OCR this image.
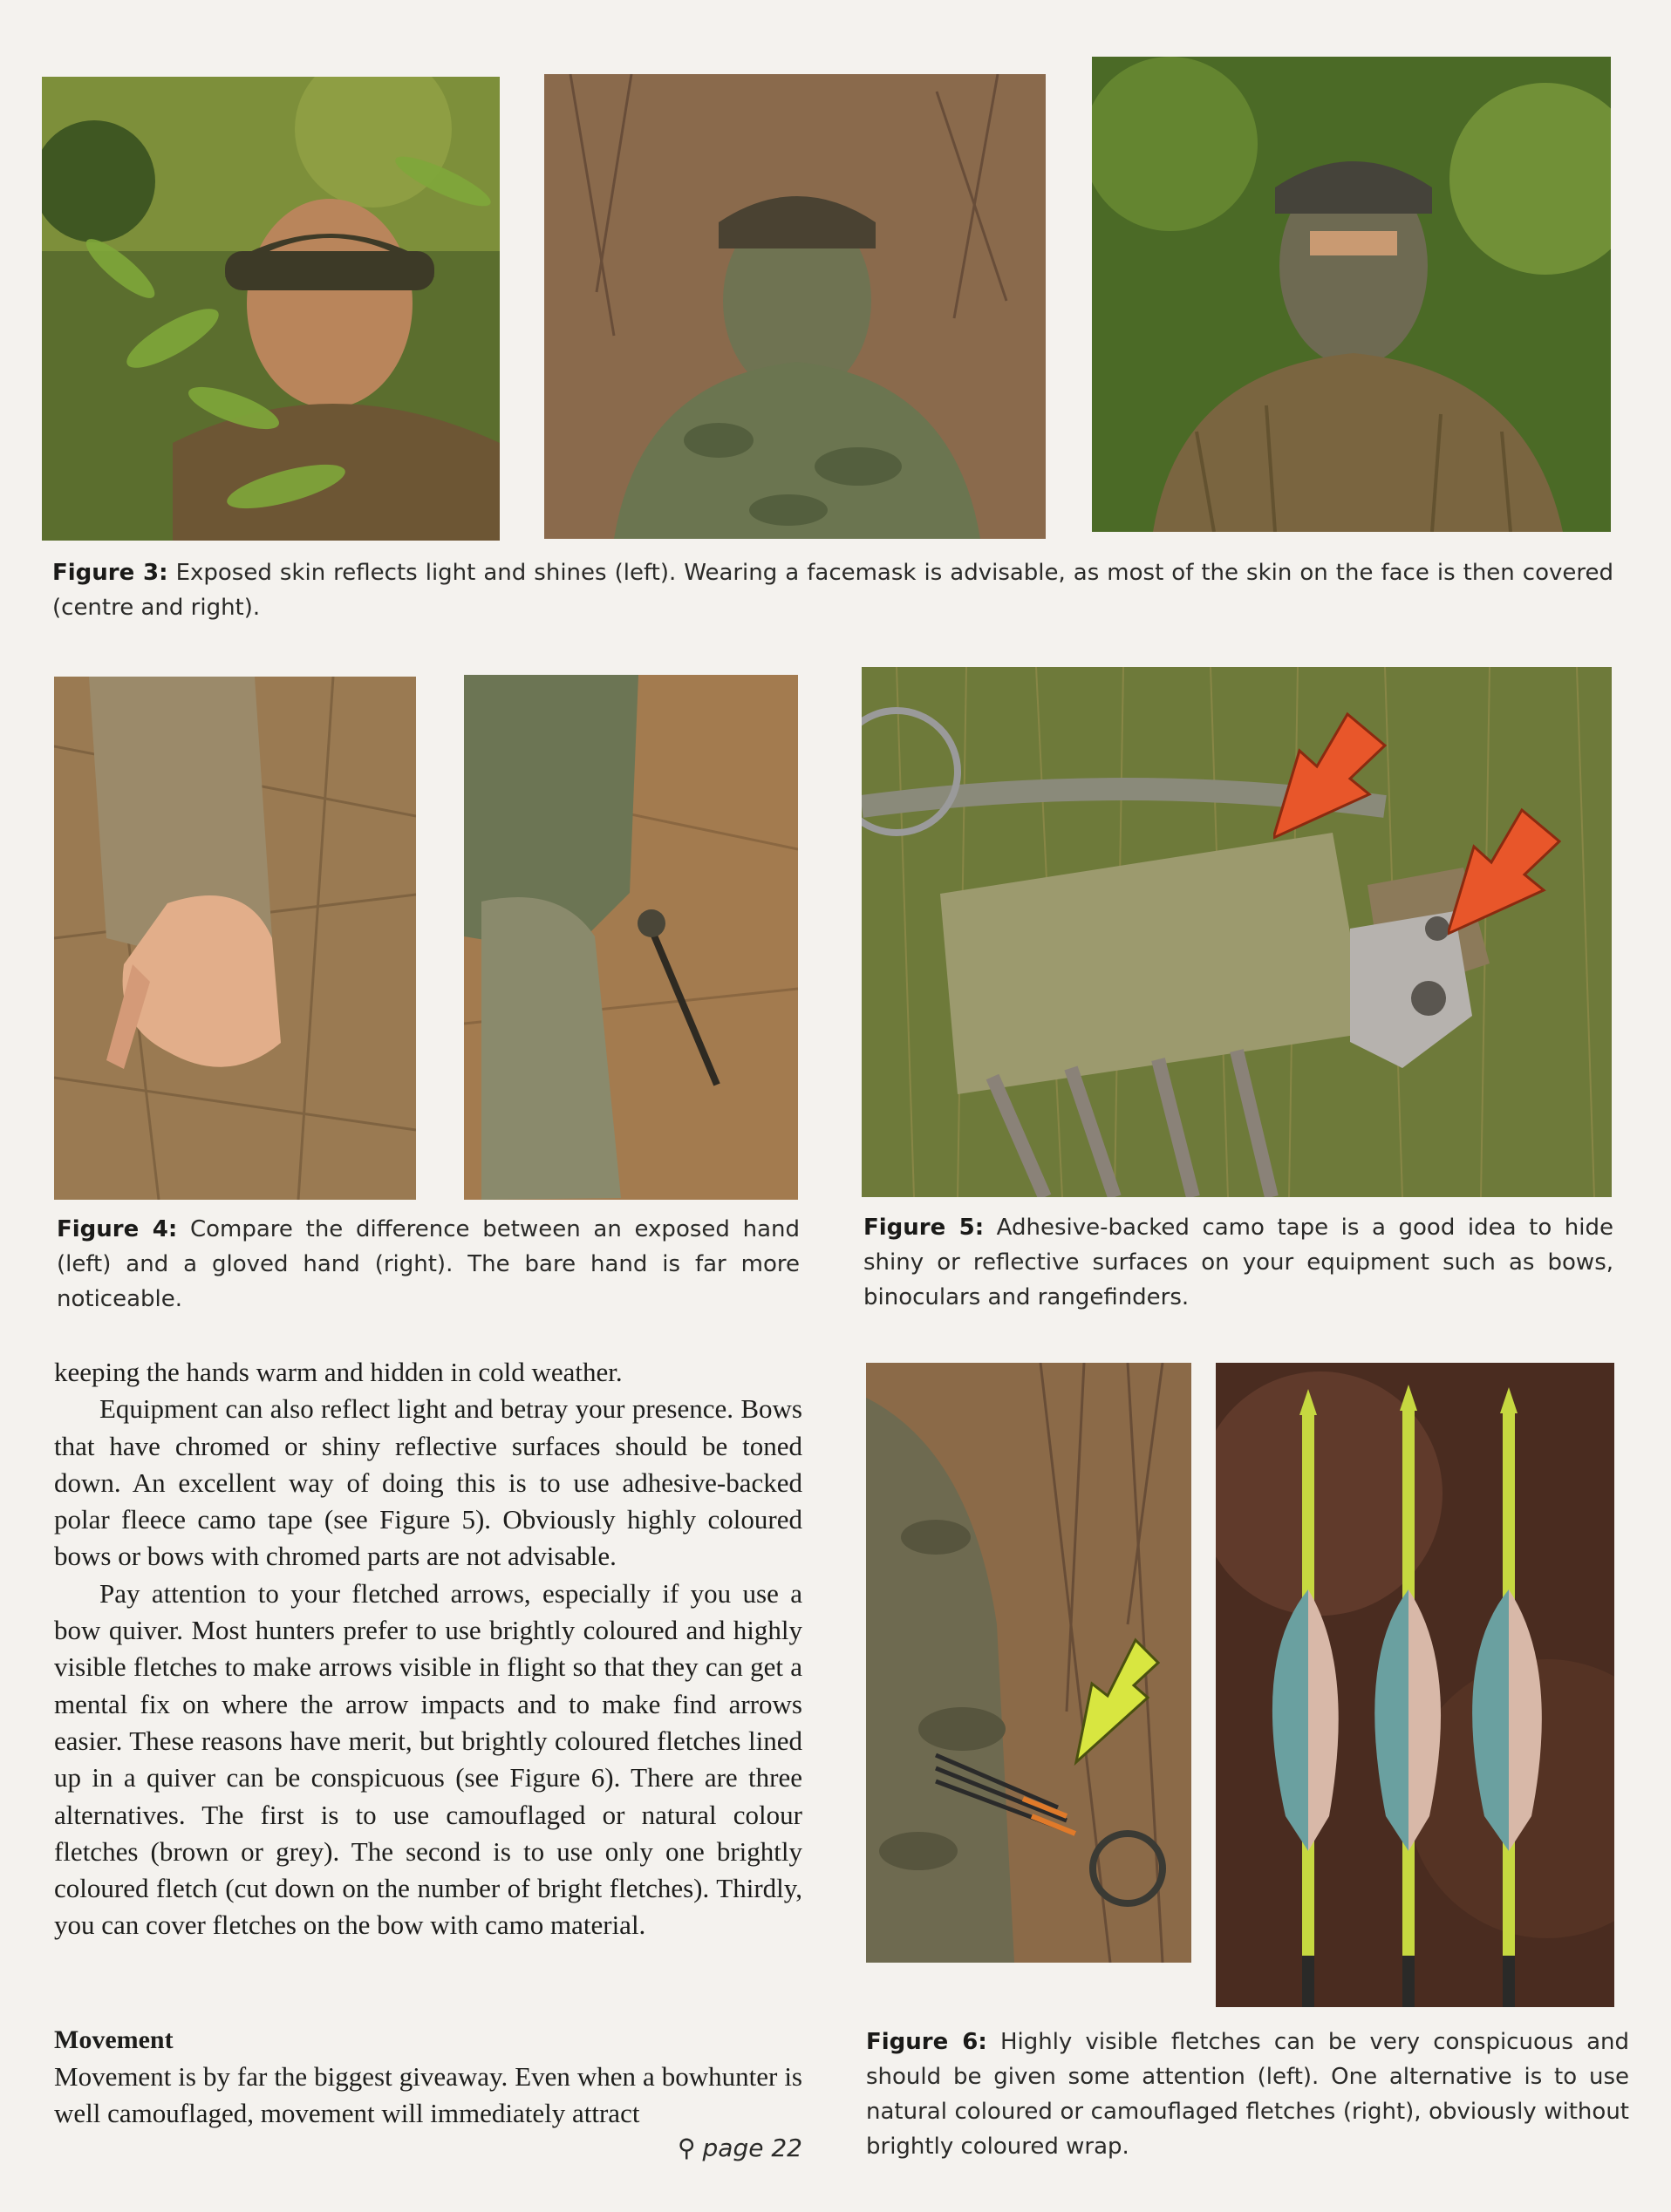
Figure 3: Exposed skin reflects light and shines (left). Wearing a facemask is advisable, as most of the skin on the face is then covered (centre and right).

Figure 4: Compare the difference between an exposed hand (left) and a gloved hand (right). The bare hand is far more noticeable.

Figure 5: Adhesive-backed camo tape is a good idea to hide shiny or reflective surfaces on your equipment such as bows, binoculars and rangefinders.

keeping the hands warm and hidden in cold weather.

Equipment can also reflect light and betray your presence. Bows that have chromed or shiny reflective surfaces should be toned down. An excellent way of doing this is to use adhesive-backed polar fleece camo tape (see Figure 5). Obviously highly coloured bows or bows with chromed parts are not advisable.

Pay attention to your fletched arrows, especially if you use a bow quiver. Most hunters prefer to use brightly coloured and highly visible fletches to make arrows visible in flight so that they can get a mental fix on where the arrow impacts and to make find arrows easier. These reasons have merit, but brightly coloured fletches lined up in a quiver can be conspicuous (see Figure 6). There are three alternatives. The first is to use camouflaged or natural colour fletches (brown or grey). The second is to use only one brightly coloured fletch (cut down on the number of bright fletches). Thirdly, you can cover fletches on the bow with camo material.

Movement

Movement is by far the biggest giveaway. Even when a bowhunter is well camouflaged, movement will immediately attract

⚲ page 22

Figure 6: Highly visible fletches can be very conspicuous and should be given some attention (left). One alternative is to use natural coloured or camouflaged fletches (right), obviously without brightly coloured wrap.
